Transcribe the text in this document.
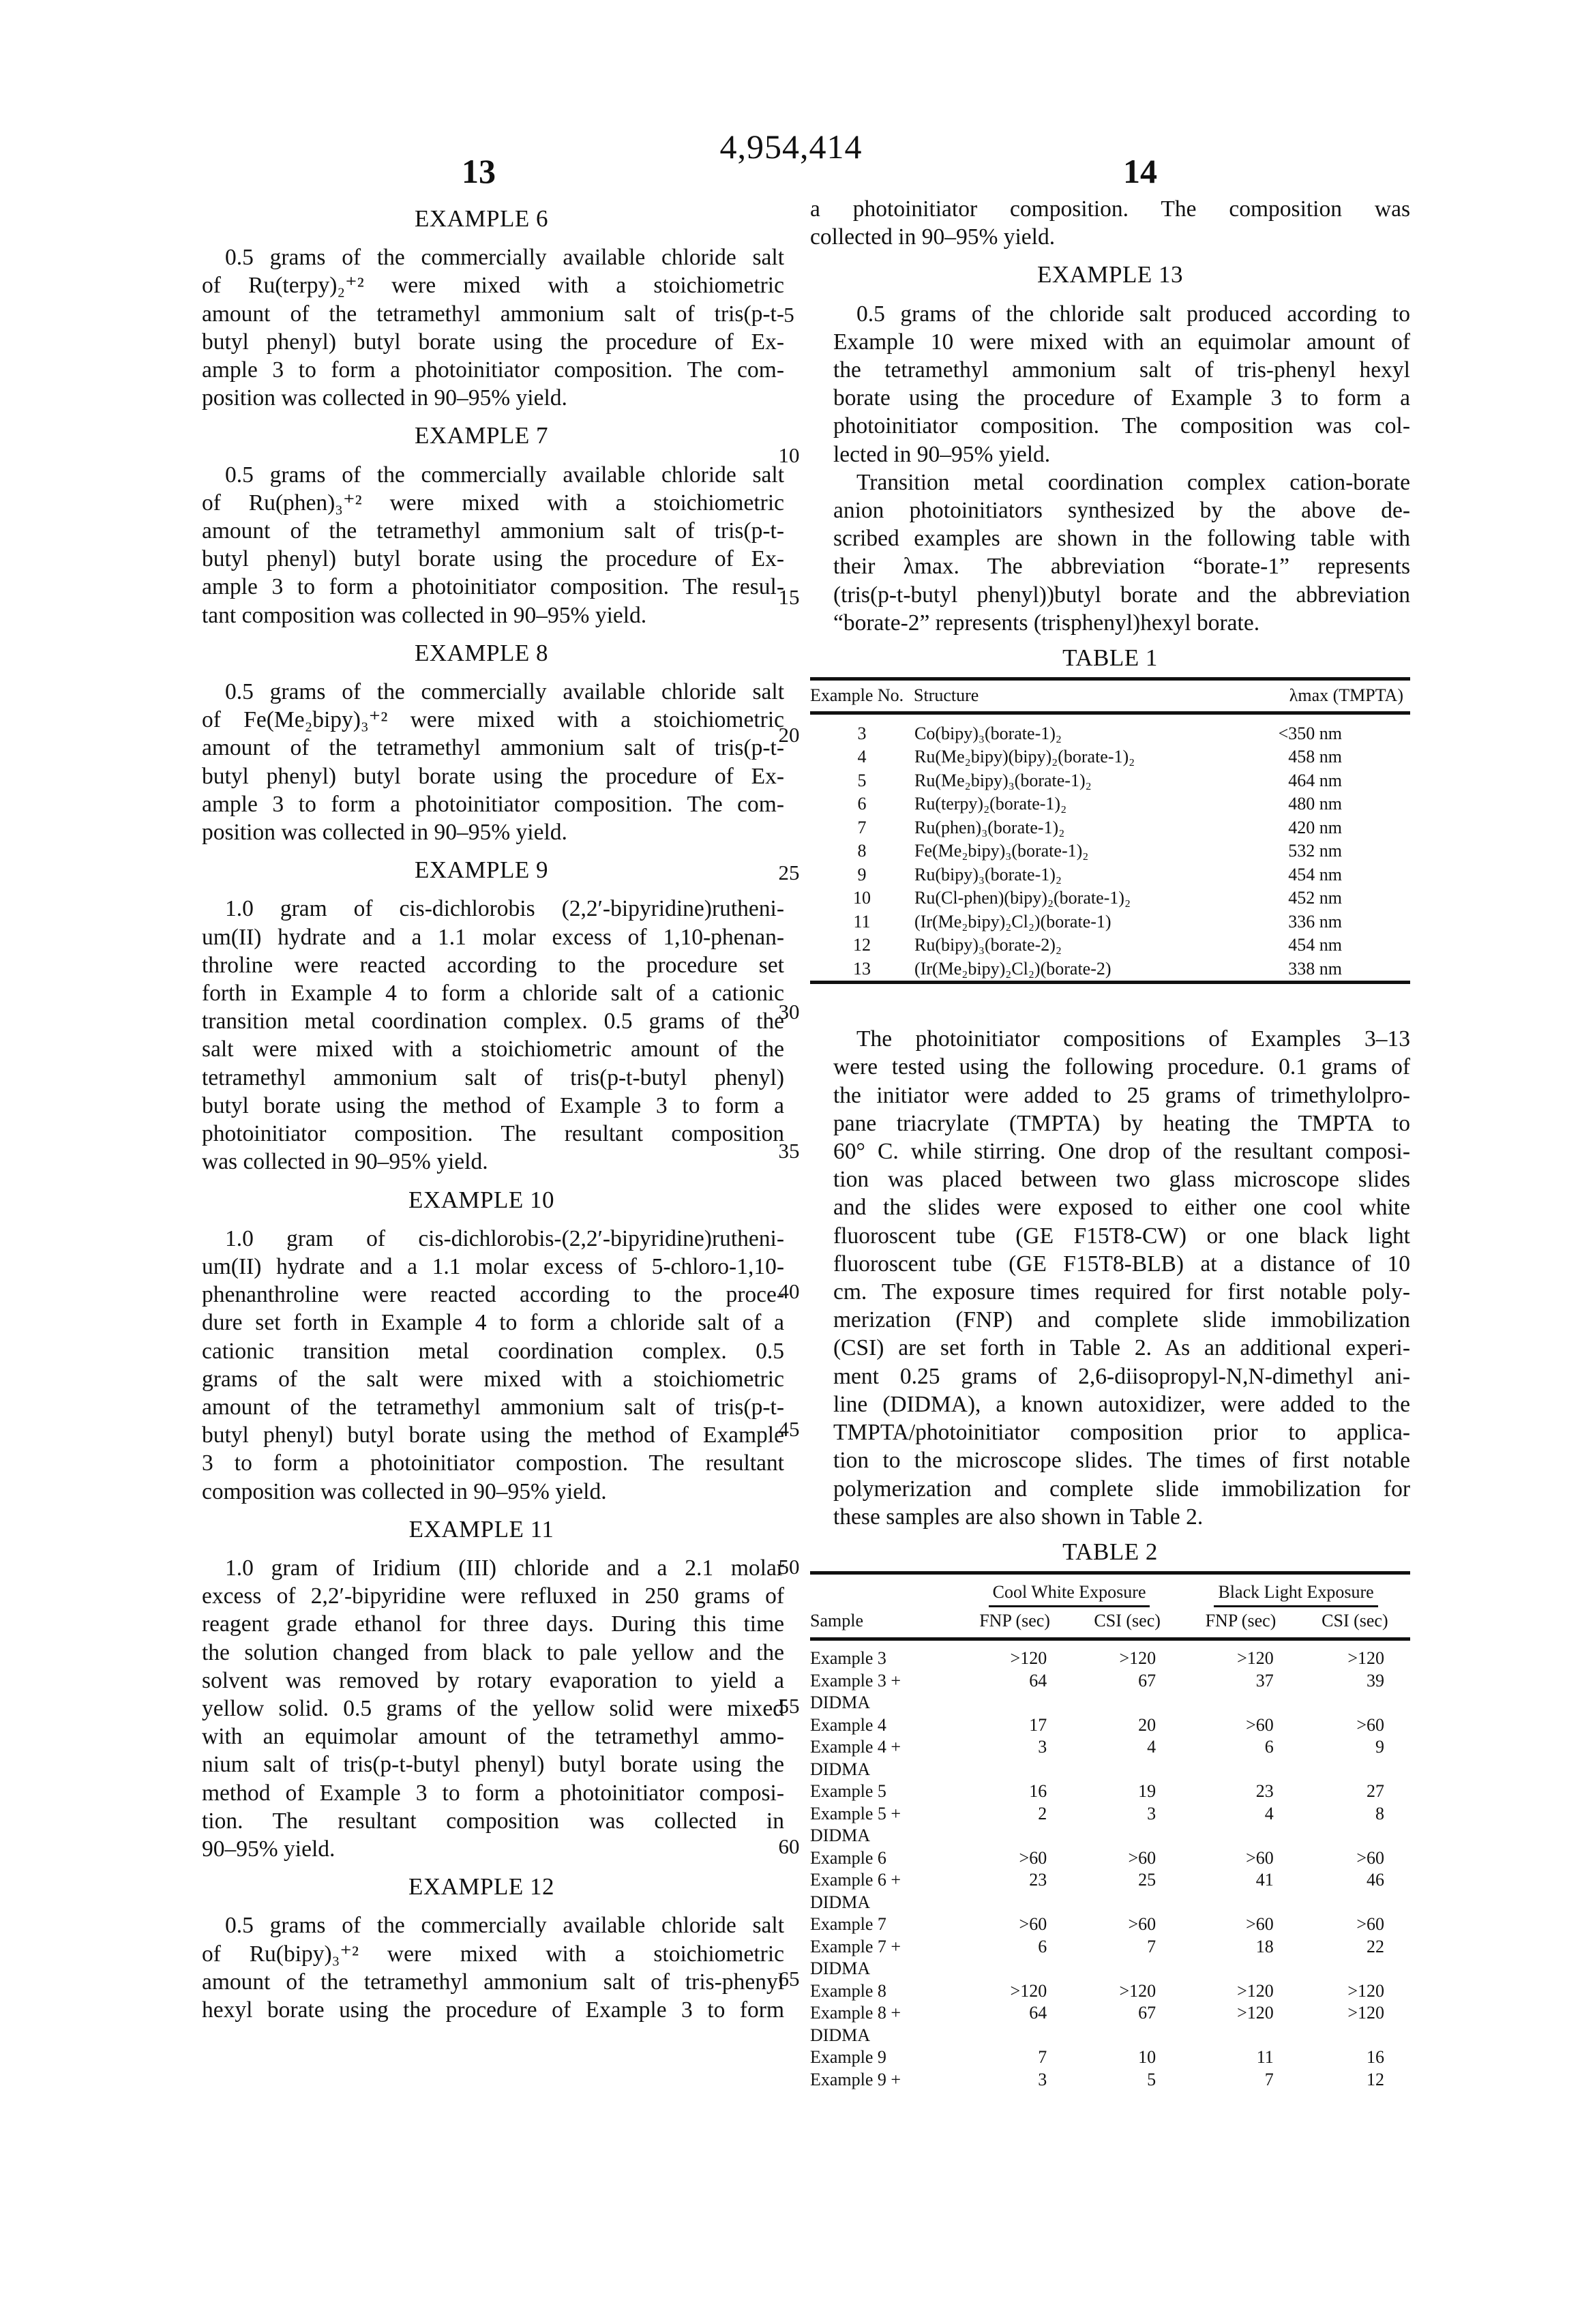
4,954,414
13	14
5
10
15
20
25
30
35
40
45
50
55
60
65
EXAMPLE 6
0.5 grams of the commercially available chloride salt
of Ru(terpy)₂⁺² were mixed with a stoichiometric
amount of the tetramethyl ammonium salt of tris(p-t-
butyl phenyl) butyl borate using the procedure of Ex-
ample 3 to form a photoinitiator composition. The com-
position was collected in 90–95% yield.
EXAMPLE 7
0.5 grams of the commercially available chloride salt
of Ru(phen)₃⁺² were mixed with a stoichiometric
amount of the tetramethyl ammonium salt of tris(p-t-
butyl phenyl) butyl borate using the procedure of Ex-
ample 3 to form a photoinitiator composition. The resul-
tant composition was collected in 90–95% yield.
EXAMPLE 8
0.5 grams of the commercially available chloride salt
of Fe(Me₂bipy)₃⁺² were mixed with a stoichiometric
amount of the tetramethyl ammonium salt of tris(p-t-
butyl phenyl) butyl borate using the procedure of Ex-
ample 3 to form a photoinitiator composition. The com-
position was collected in 90–95% yield.
EXAMPLE 9
1.0 gram of cis-dichlorobis (2,2′-bipyridine)rutheni-
um(II) hydrate and a 1.1 molar excess of 1,10-phenan-
throline were reacted according to the procedure set
forth in Example 4 to form a chloride salt of a cationic
transition metal coordination complex. 0.5 grams of the
salt were mixed with a stoichiometric amount of the
tetramethyl ammonium salt of tris(p-t-butyl phenyl)
butyl borate using the method of Example 3 to form a
photoinitiator composition. The resultant composition
was collected in 90–95% yield.
EXAMPLE 10
1.0 gram of cis-dichlorobis-(2,2′-bipyridine)rutheni-
um(II) hydrate and a 1.1 molar excess of 5-chloro-1,10-
phenanthroline were reacted according to the proce-
dure set forth in Example 4 to form a chloride salt of a
cationic transition metal coordination complex. 0.5
grams of the salt were mixed with a stoichiometric
amount of the tetramethyl ammonium salt of tris(p-t-
butyl phenyl) butyl borate using the method of Example
3 to form a photoinitiator compostion. The resultant
composition was collected in 90–95% yield.
EXAMPLE 11
1.0 gram of Iridium (III) chloride and a 2.1 molar
excess of 2,2′-bipyridine were refluxed in 250 grams of
reagent grade ethanol for three days. During this time
the solution changed from black to pale yellow and the
solvent was removed by rotary evaporation to yield a
yellow solid. 0.5 grams of the yellow solid were mixed
with an equimolar amount of the tetramethyl ammo-
nium salt of tris(p-t-butyl phenyl) butyl borate using the
method of Example 3 to form a photoinitiator composi-
tion. The resultant composition was collected in
90–95% yield.
EXAMPLE 12
0.5 grams of the commercially available chloride salt
of Ru(bipy)₃⁺² were mixed with a stoichiometric
amount of the tetramethyl ammonium salt of tris-phenyl
hexyl borate using the procedure of Example 3 to form
a photoinitiator composition. The composition was
collected in 90–95% yield.
EXAMPLE 13
0.5 grams of the chloride salt produced according to
Example 10 were mixed with an equimolar amount of
the tetramethyl ammonium salt of tris-phenyl hexyl
borate using the procedure of Example 3 to form a
photoinitiator composition. The composition was col-
lected in 90–95% yield.
Transition metal coordination complex cation-borate
anion photoinitiators synthesized by the above de-
scribed examples are shown in the following table with
their λmax. The abbreviation “borate-1” represents
(tris(p-t-butyl phenyl))butyl borate and the abbreviation
“borate-2” represents (trisphenyl)hexyl borate.
TABLE 1
Example No.	Structure	λmax (TMPTA)
3	Co(bipy)₃(borate-1)₂	<350 nm
4	Ru(Me₂bipy)(bipy)₂(borate-1)₂	458 nm
5	Ru(Me₂bipy)₃(borate-1)₂	464 nm
6	Ru(terpy)₂(borate-1)₂	480 nm
7	Ru(phen)₃(borate-1)₂	420 nm
8	Fe(Me₂bipy)₃(borate-1)₂	532 nm
9	Ru(bipy)₃(borate-1)₂	454 nm
10	Ru(Cl-phen)(bipy)₂(borate-1)₂	452 nm
11	(Ir(Me₂bipy)₂Cl₂)(borate-1)	336 nm
12	Ru(bipy)₃(borate-2)₂	454 nm
13	(Ir(Me₂bipy)₂Cl₂)(borate-2)	338 nm
The photoinitiator compositions of Examples 3–13
were tested using the following procedure. 0.1 grams of
the initiator were added to 25 grams of trimethylolpro-
pane triacrylate (TMPTA) by heating the TMPTA to
60° C. while stirring. One drop of the resultant composi-
tion was placed between two glass microscope slides
and the slides were exposed to either one cool white
fluoroscent tube (GE F15T8-CW) or one black light
fluoroscent tube (GE F15T8-BLB) at a distance of 10
cm. The exposure times required for first notable poly-
merization (FNP) and complete slide immobilization
(CSI) are set forth in Table 2. As an additional experi-
ment 0.25 grams of 2,6-diisopropyl-N,N-dimethyl ani-
line (DIDMA), a known autoxidizer, were added to the
TMPTA/photoinitiator composition prior to applica-
tion to the microscope slides. The times of first notable
polymerization and complete slide immobilization for
these samples are also shown in Table 2.
TABLE 2
	Cool White Exposure		Black Light Exposure	
Sample	FNP (sec)	CSI (sec)	FNP (sec)	CSI (sec)

Example 3	>120	>120	>120	>120

Example 3 +
DIDMA	64	67	37	39

Example 4	17	20	>60	>60

Example 4 +
DIDMA	3	4	6	9

Example 5	16	19	23	27

Example 5 +
DIDMA	2	3	4	8

Example 6	>60	>60	>60	>60

Example 6 +
DIDMA	23	25	41	46

Example 7	>60	>60	>60	>60

Example 7 +
DIDMA	6	7	18	22

Example 8	>120	>120	>120	>120

Example 8 +
DIDMA	64	67	>120	>120

Example 9	7	10	11	16

Example 9 +	3	5	7	12
